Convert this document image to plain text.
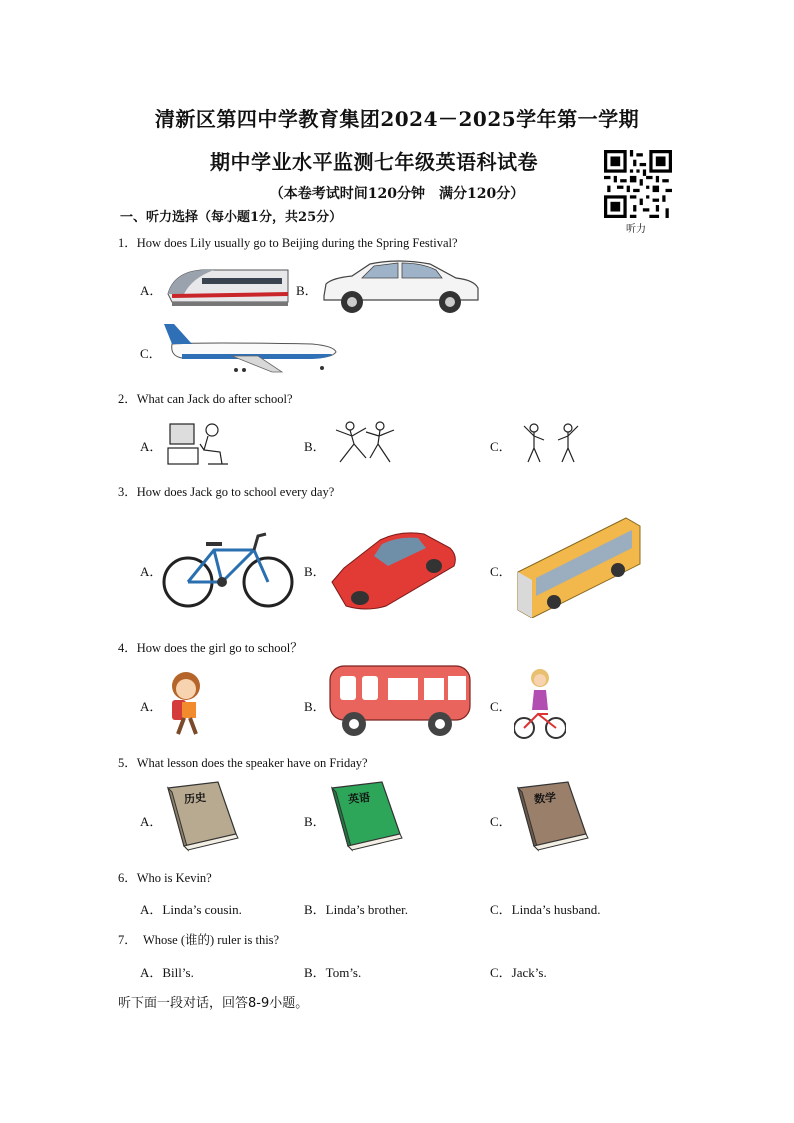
清新区第四中学教育集团2024－2025学年第一学期
期中学业水平监测七年级英语科试卷
（本卷考试时间120分钟　满分120分）
听力
一、听力选择（每小题1分，共25分）
1．How does Lily usually go to Beijing during the Spring Festival?
A．	B．
C．
2．What can Jack do after school?
A．	B．	C．
3．How does Jack go to school every day?
A．	B．	C．
4．How does the girl go to school？
A．	B．	C．
5．What lesson does the speaker have on Friday?
A．
历史
B．
英语
C．
数学
6．Who is Kevin?
A．Linda’s cousin.	B．Linda’s brother.	C．Linda’s husband.
7．　Whose (谁的) ruler is this?
A．Bill’s.	B．Tom’s.	C．Jack’s.
听下面一段对话，回答8-9小题。
